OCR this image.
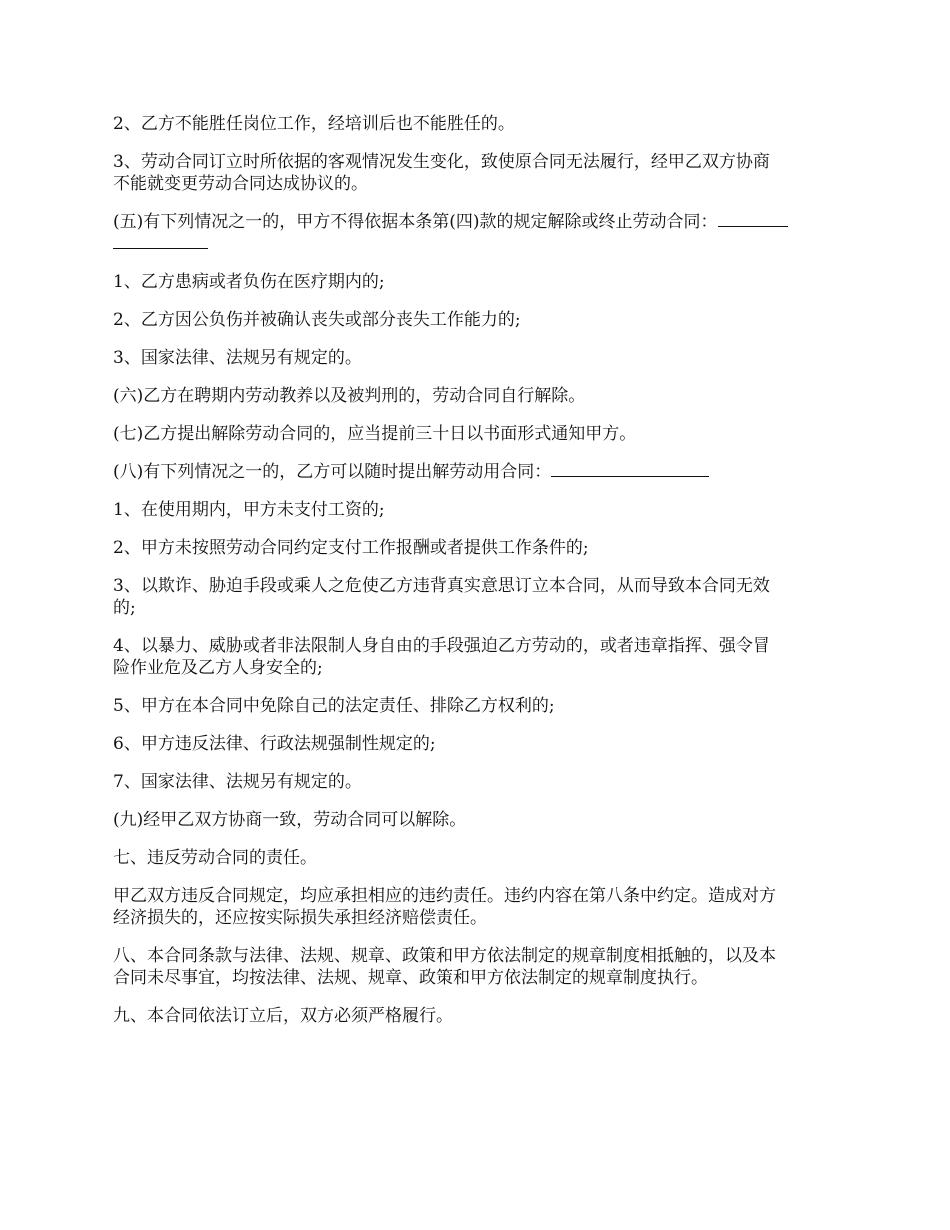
2、乙方不能胜任岗位工作，经培训后也不能胜任的。

3、劳动合同订立时所依据的客观情况发生变化，致使原合同无法履行，经甲乙双方协商
不能就变更劳动合同达成协议的。

(五)有下列情况之一的，甲方不得依据本条第(四)款的规定解除或终止劳动合同：

1、乙方患病或者负伤在医疗期内的;

2、乙方因公负伤并被确认丧失或部分丧失工作能力的;

3、国家法律、法规另有规定的。

(六)乙方在聘期内劳动教养以及被判刑的，劳动合同自行解除。

(七)乙方提出解除劳动合同的，应当提前三十日以书面形式通知甲方。

(八)有下列情况之一的，乙方可以随时提出解劳动用合同：

1、在使用期内，甲方未支付工资的;

2、甲方未按照劳动合同约定支付工作报酬或者提供工作条件的;

3、以欺诈、胁迫手段或乘人之危使乙方违背真实意思订立本合同，从而导致本合同无效
的;

4、以暴力、威胁或者非法限制人身自由的手段强迫乙方劳动的，或者违章指挥、强令冒
险作业危及乙方人身安全的;

5、甲方在本合同中免除自己的法定责任、排除乙方权利的;

6、甲方违反法律、行政法规强制性规定的;

7、国家法律、法规另有规定的。

(九)经甲乙双方协商一致，劳动合同可以解除。

七、违反劳动合同的责任。

甲乙双方违反合同规定，均应承担相应的违约责任。违约内容在第八条中约定。造成对方
经济损失的，还应按实际损失承担经济赔偿责任。

八、本合同条款与法律、法规、规章、政策和甲方依法制定的规章制度相抵触的，以及本
合同未尽事宜，均按法律、法规、规章、政策和甲方依法制定的规章制度执行。

九、本合同依法订立后，双方必须严格履行。
